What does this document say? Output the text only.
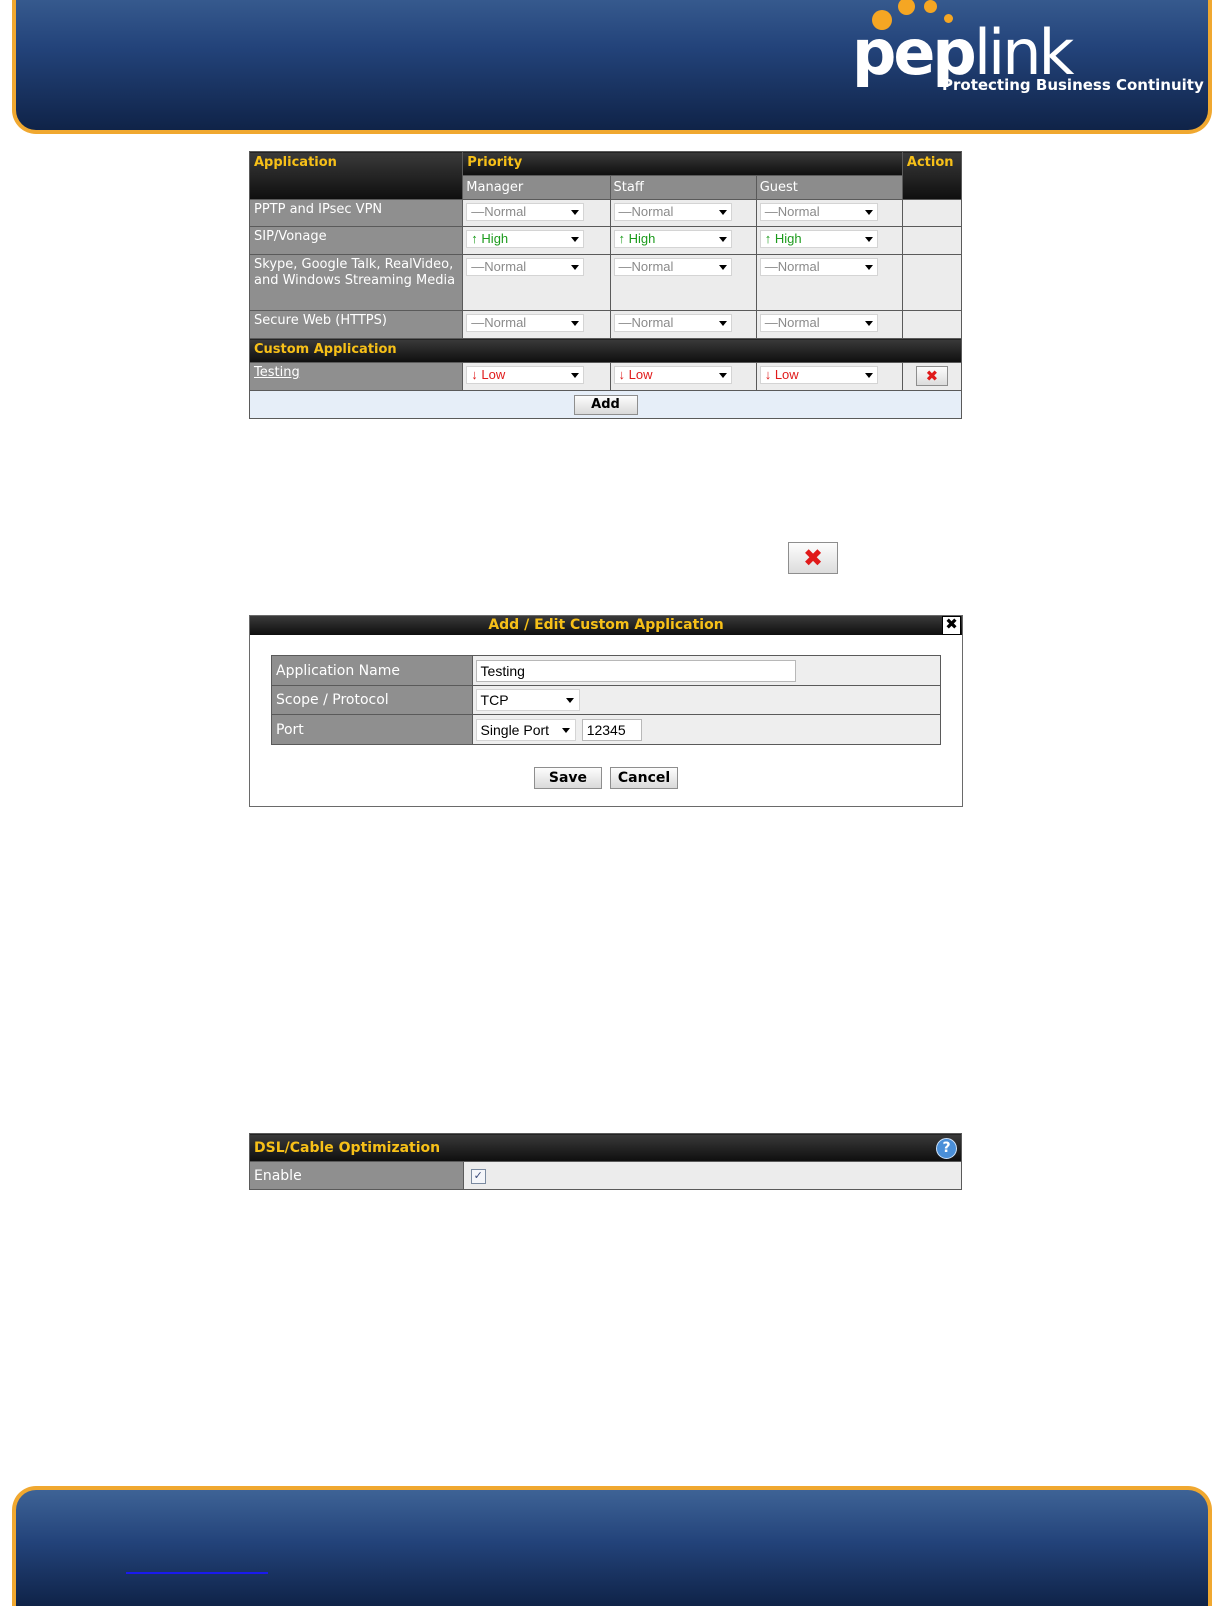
peplink
Protecting Business Continuity
Application	Priority			Action
	Manager	Staff	Guest	
PPTP and IPsec VPN	—Normal	—Normal	—Normal

SIP/Vonage	↑ High	↑ High	↑ High

Skype, Google Talk, RealVideo, and Windows Streaming Media	—Normal	—Normal	—Normal

Secure Web (HTTPS)	—Normal	—Normal	—Normal

Custom Application				
Testing	↓ Low	↓ Low	↓ Low	✖
Add				
✖
Add / Edit Custom Application	✖
Application Name	Testing
Scope / Protocol	TCP

Port	Single Port 12345
Save Cancel
DSL/Cable Optimization	?

Enable	✓
